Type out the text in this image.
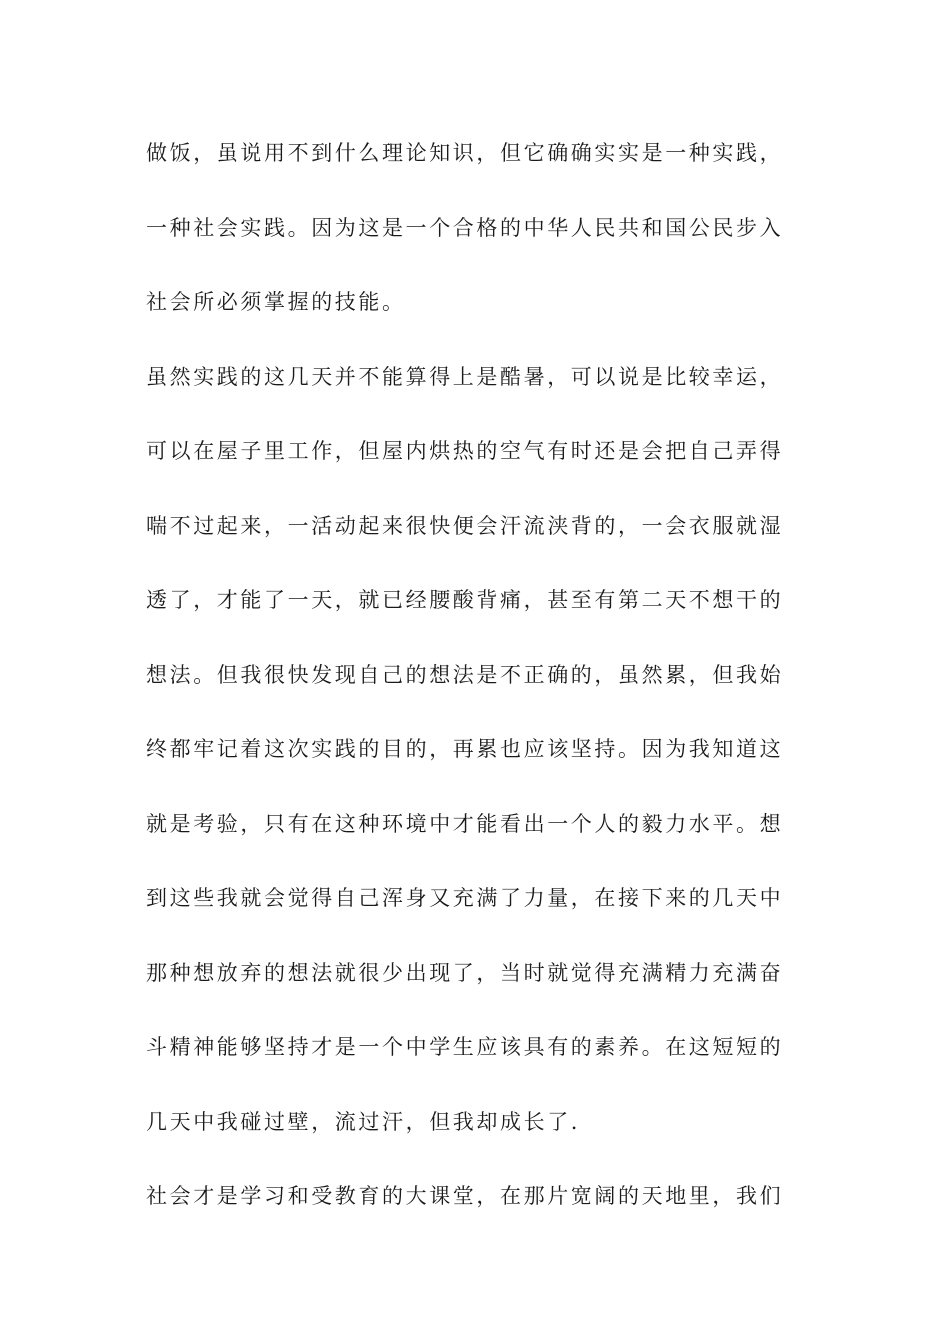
做饭，虽说用不到什么理论知识，但它确确实实是一种实践，
一种社会实践。因为这是一个合格的中华人民共和国公民步入
社会所必须掌握的技能。
虽然实践的这几天并不能算得上是酷暑，可以说是比较幸运，
可以在屋子里工作，但屋内烘热的空气有时还是会把自己弄得
喘不过起来，一活动起来很快便会汗流浃背的，一会衣服就湿
透了，才能了一天，就已经腰酸背痛，甚至有第二天不想干的
想法。但我很快发现自己的想法是不正确的，虽然累，但我始
终都牢记着这次实践的目的，再累也应该坚持。因为我知道这
就是考验，只有在这种环境中才能看出一个人的毅力水平。想
到这些我就会觉得自己浑身又充满了力量，在接下来的几天中
那种想放弃的想法就很少出现了，当时就觉得充满精力充满奋
斗精神能够坚持才是一个中学生应该具有的素养。在这短短的
几天中我碰过壁，流过汗，但我却成长了.
社会才是学习和受教育的大课堂，在那片宽阔的天地里，我们
